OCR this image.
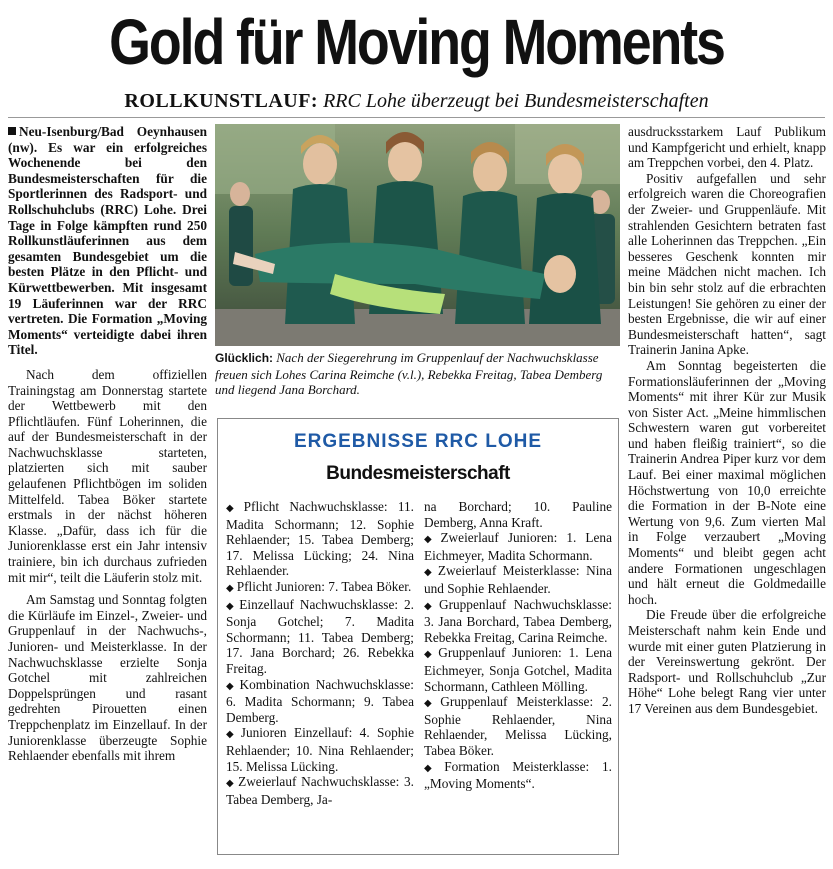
Gold für Moving Moments
ROLLKUNSTLAUF: RRC Lohe überzeugt bei Bundesmeisterschaften

Neu-Isenburg/Bad Oeynhausen (nw). Es war ein erfolgreiches Wochenende bei den Bundesmeisterschaften für die Sportlerinnen des Radsport- und Rollschuhclubs (RRC) Lohe. Drei Tage in Folge kämpften rund 250 Rollkunstläuferinnen aus dem gesamten Bundesgebiet um die besten Plätze in den Pflicht- und Kürwettbewerben. Mit insgesamt 19 Läuferinnen war der RRC vertreten. Die Formation „Moving Moments“ verteidigte dabei ihren Titel.

Nach dem offiziellen Trainingstag am Donnerstag startete der Wettbewerb mit den Pflichtläufen. Fünf Loherinnen, die auf der Bundesmeisterschaft in der Nachwuchsklasse starteten, platzierten sich mit sauber gelaufenen Pflichtbögen im soliden Mittelfeld. Tabea Böker startete erstmals in der nächst höheren Klasse. „Dafür, dass ich für die Juniorenklasse erst ein Jahr intensiv trainiere, bin ich durchaus zufrieden mit mir“, teilt die Läuferin stolz mit.

Am Samstag und Sonntag folgten die Kürläufe im Einzel-, Zweier- und Gruppenlauf in der Nachwuchs-, Junioren- und Meisterklasse. In der Nachwuchsklasse erzielte Sonja Gotchel mit zahlreichen Doppelsprüngen und rasant gedrehten Pirouetten einen Treppchenplatz im Einzellauf. In der Juniorenklasse überzeugte Sophie Rehlaender ebenfalls mit ihrem

Glücklich: Nach der Siegerehrung im Gruppenlauf der Nachwuchsklasse freuen sich Lohes Carina Reimche (v.l.), Rebekka Freitag, Tabea Demberg und liegend Jana Borchard.
ERGEBNISSE RRC LOHE
Bundesmeisterschaft

◆ Pflicht Nachwuchsklasse: 11. Madita Schormann; 12. Sophie Rehlaender; 15. Tabea Demberg; 17. Melissa Lücking; 24. Nina Rehlaender.

◆ Pflicht Junioren: 7. Tabea Böker.

◆ Einzellauf Nachwuchsklasse: 2. Sonja Gotchel; 7. Madita Schormann; 11. Tabea Demberg; 17. Jana Borchard; 26. Rebekka Freitag.

◆ Kombination Nachwuchsklasse: 6. Madita Schormann; 9. Tabea Demberg.

◆ Junioren Einzellauf: 4. Sophie Rehlaender; 10. Nina Rehlaender; 15. Melissa Lücking.

◆ Zweierlauf Nachwuchsklasse: 3. Tabea Demberg, Ja-

na Borchard; 10. Pauline Demberg, Anna Kraft.

◆ Zweierlauf Junioren: 1. Lena Eichmeyer, Madita Schormann.

◆ Zweierlauf Meisterklasse: Nina und Sophie Rehlaender.

◆ Gruppenlauf Nachwuchsklasse: 3. Jana Borchard, Tabea Demberg, Rebekka Freitag, Carina Reimche.

◆ Gruppenlauf Junioren: 1. Lena Eichmeyer, Sonja Gotchel, Madita Schormann, Cathleen Mölling.

◆ Gruppenlauf Meisterklasse: 2. Sophie Rehlaender, Nina Rehlaender, Melissa Lücking, Tabea Böker.

◆ Formation Meisterklasse: 1. „Moving Moments“.

ausdrucksstarkem Lauf Publikum und Kampfgericht und erhielt, knapp am Treppchen vorbei, den 4. Platz.

Positiv aufgefallen und sehr erfolgreich waren die Choreografien der Zweier- und Gruppenläufe. Mit strahlenden Gesichtern betraten fast alle Loherinnen das Treppchen. „Ein besseres Geschenk konnten mir meine Mädchen nicht machen. Ich bin bin sehr stolz auf die erbrachten Leistungen! Sie gehören zu einer der besten Ergebnisse, die wir auf einer Bundesmeisterschaft hatten“, sagt Trainerin Janina Apke.

Am Sonntag begeisterten die Formationsläuferinnen der „Moving Moments“ mit ihrer Kür zur Musik von Sister Act. „Meine himmlischen Schwestern waren gut vorbereitet und haben fleißig trainiert“, so die Trainerin Andrea Piper kurz vor dem Lauf. Bei einer maximal möglichen Höchstwertung von 10,0 erreichte die Formation in der B-Note eine Wertung von 9,6. Zum vierten Mal in Folge verzaubert „Moving Moments“ und bleibt gegen acht andere Formationen ungeschlagen und hält erneut die Goldmedaille hoch.

Die Freude über die erfolgreiche Meisterschaft nahm kein Ende und wurde mit einer guten Platzierung in der Vereinswertung gekrönt. Der Radsport- und Rollschuhclub „Zur Höhe“ Lohe belegt Rang vier unter 17 Vereinen aus dem Bundesgebiet.
